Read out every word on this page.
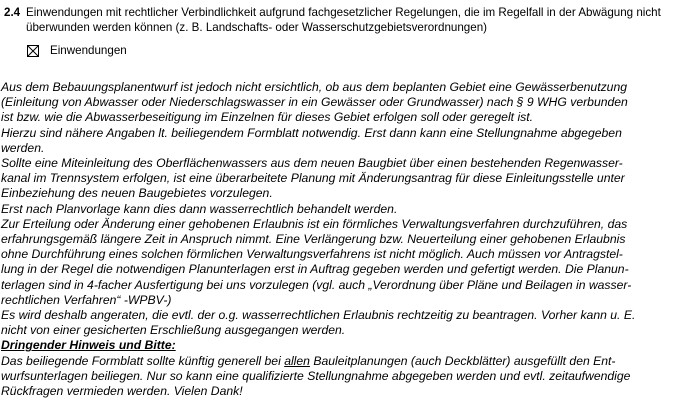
2.4 Einwendungen mit rechtlicher Verbindlichkeit aufgrund fachgesetzlicher Regelungen, die im Regelfall in der Abwägung nicht
überwunden werden können (z. B. Landschafts- oder Wasserschutzgebietsverordnungen)
Einwendungen
Aus dem Bebauungsplanentwurf ist jedoch nicht ersichtlich, ob aus dem beplanten Gebiet eine Gewässerbenutzung
(Einleitung von Abwasser oder Niederschlagswasser in ein Gewässer oder Grundwasser) nach § 9 WHG verbunden
ist bzw. wie die Abwasserbeseitigung im Einzelnen für dieses Gebiet erfolgen soll oder geregelt ist.
Hierzu sind nähere Angaben lt. beiliegendem Formblatt notwendig. Erst dann kann eine Stellungnahme abgegeben
werden.
Sollte eine Miteinleitung des Oberflächenwassers aus dem neuen Baugbiet über einen bestehenden Regenwasser-
kanal im Trennsystem erfolgen, ist eine überarbeitete Planung mit Änderungsantrag für diese Einleitungsstelle unter
Einbeziehung des neuen Baugebietes vorzulegen.
Erst nach Planvorlage kann dies dann wasserrechtlich behandelt werden.
Zur Erteilung oder Änderung einer gehobenen Erlaubnis ist ein förmliches Verwaltungsverfahren durchzuführen, das
erfahrungsgemäß längere Zeit in Anspruch nimmt. Eine Verlängerung bzw. Neuerteilung einer gehobenen Erlaubnis
ohne Durchführung eines solchen förmlichen Verwaltungsverfahrens ist nicht möglich. Auch müssen vor Antragstel-
lung in der Regel die notwendigen Planunterlagen erst in Auftrag gegeben werden und gefertigt werden. Die Planun-
terlagen sind in 4-facher Ausfertigung bei uns vorzulegen (vgl. auch „Verordnung über Pläne und Beilagen in wasser-
rechtlichen Verfahren“ -WPBV-)
Es wird deshalb angeraten, die evtl. der o.g. wasserrechtlichen Erlaubnis rechtzeitig zu beantragen. Vorher kann u. E.
nicht von einer gesicherten Erschließung ausgegangen werden.
Dringender Hinweis und Bitte:
Das beiliegende Formblatt sollte künftig generell bei allen Bauleitplanungen (auch Deckblätter) ausgefüllt den Ent-
wurfsunterlagen beiliegen. Nur so kann eine qualifizierte Stellungnahme abgegeben werden und evtl. zeitaufwendige
Rückfragen vermieden werden. Vielen Dank!
